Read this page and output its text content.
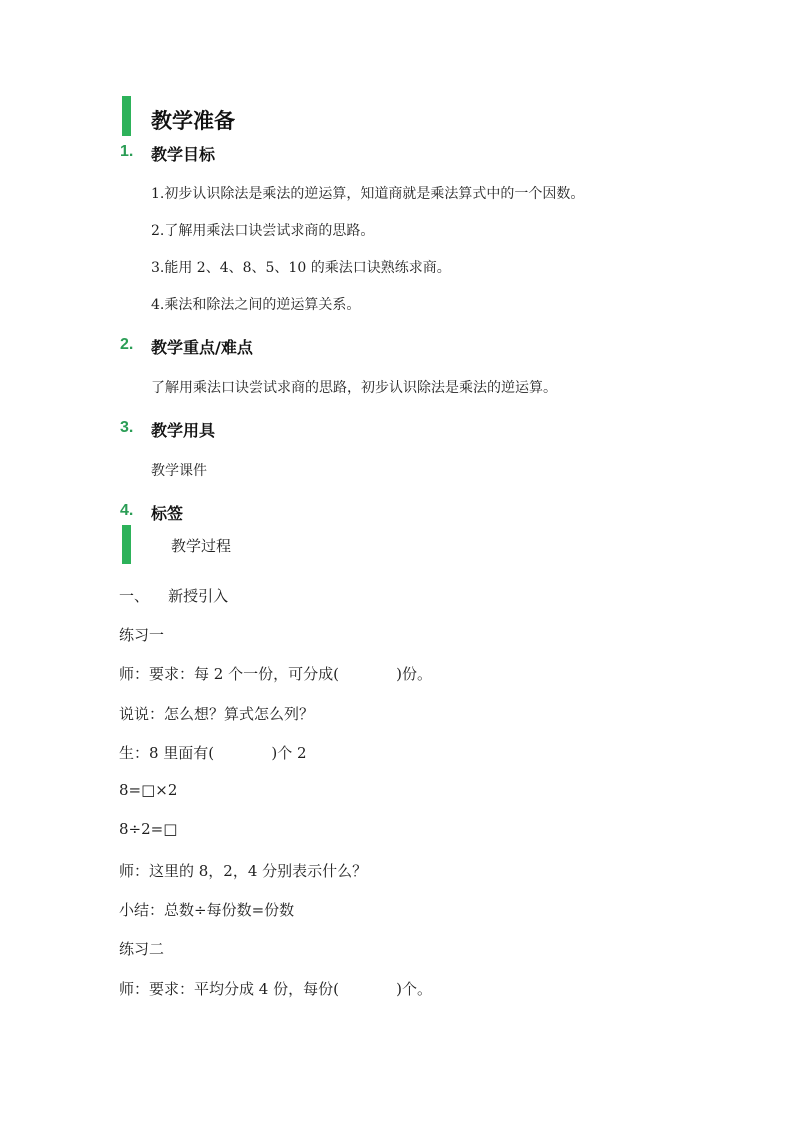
教学准备
1. 教学目标
1.初步认识除法是乘法的逆运算，知道商就是乘法算式中的一个因数。
2.了解用乘法口诀尝试求商的思路。
3.能用 2、4、8、5、10 的乘法口诀熟练求商。
4.乘法和除法之间的逆运算关系。
2. 教学重点/难点
了解用乘法口诀尝试求商的思路，初步认识除法是乘法的逆运算。
3. 教学用具
教学课件
4. 标签
教学过程
一、    新授引入
练习一
师：要求：每 2 个一份，可分成(            )份。
说说：怎么想？算式怎么列？
生：8 里面有(            )个 2
8=□×2
8÷2=□
师：这里的 8，2，4 分别表示什么？
小结：总数÷每份数=份数
练习二
师：要求：平均分成 4 份，每份(            )个。
